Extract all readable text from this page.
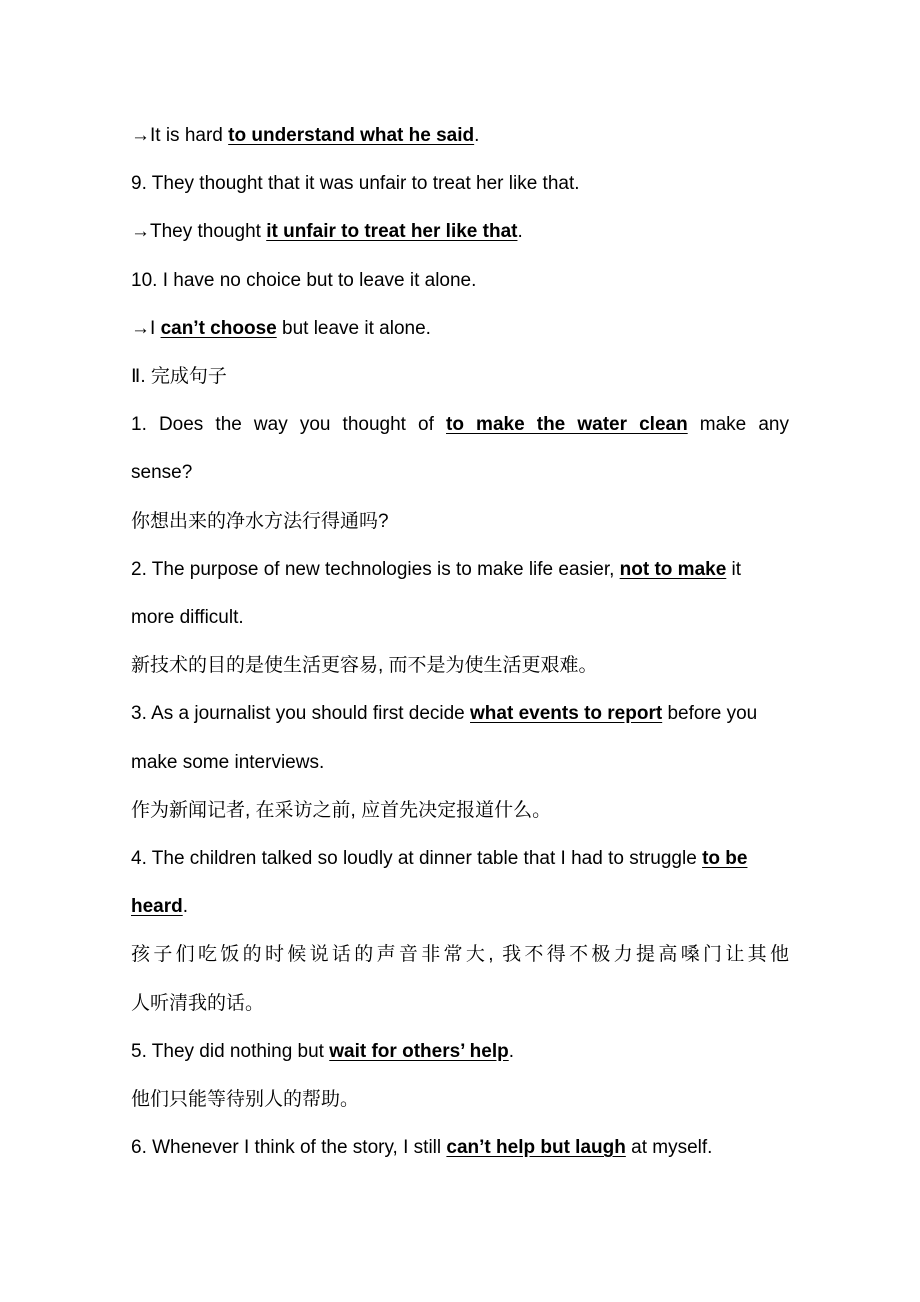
→It is hard to understand what he said.
9. They thought that it was unfair to treat her like that.
→They thought it unfair to treat her like that.
10. I have no choice but to leave it alone.
→I can’t choose but leave it alone.
Ⅱ. 完成句子
1. Does the way you thought of to make the water clean make any
sense?
你想出来的净水方法行得通吗?
2. The purpose of new technologies is to make life easier, not to make it
more difficult.
新技术的目的是使生活更容易, 而不是为使生活更艰难。
3. As a journalist you should first decide what events to report before you
make some interviews.
作为新闻记者, 在采访之前, 应首先决定报道什么。
4. The children talked so loudly at dinner table that I had to struggle to be
heard.
孩子们吃饭的时候说话的声音非常大, 我不得不极力提高嗓门让其他
人听清我的话。
5. They did nothing but wait for others’ help.
他们只能等待别人的帮助。
6. Whenever I think of the story, I still can’t help but laugh at myself.
